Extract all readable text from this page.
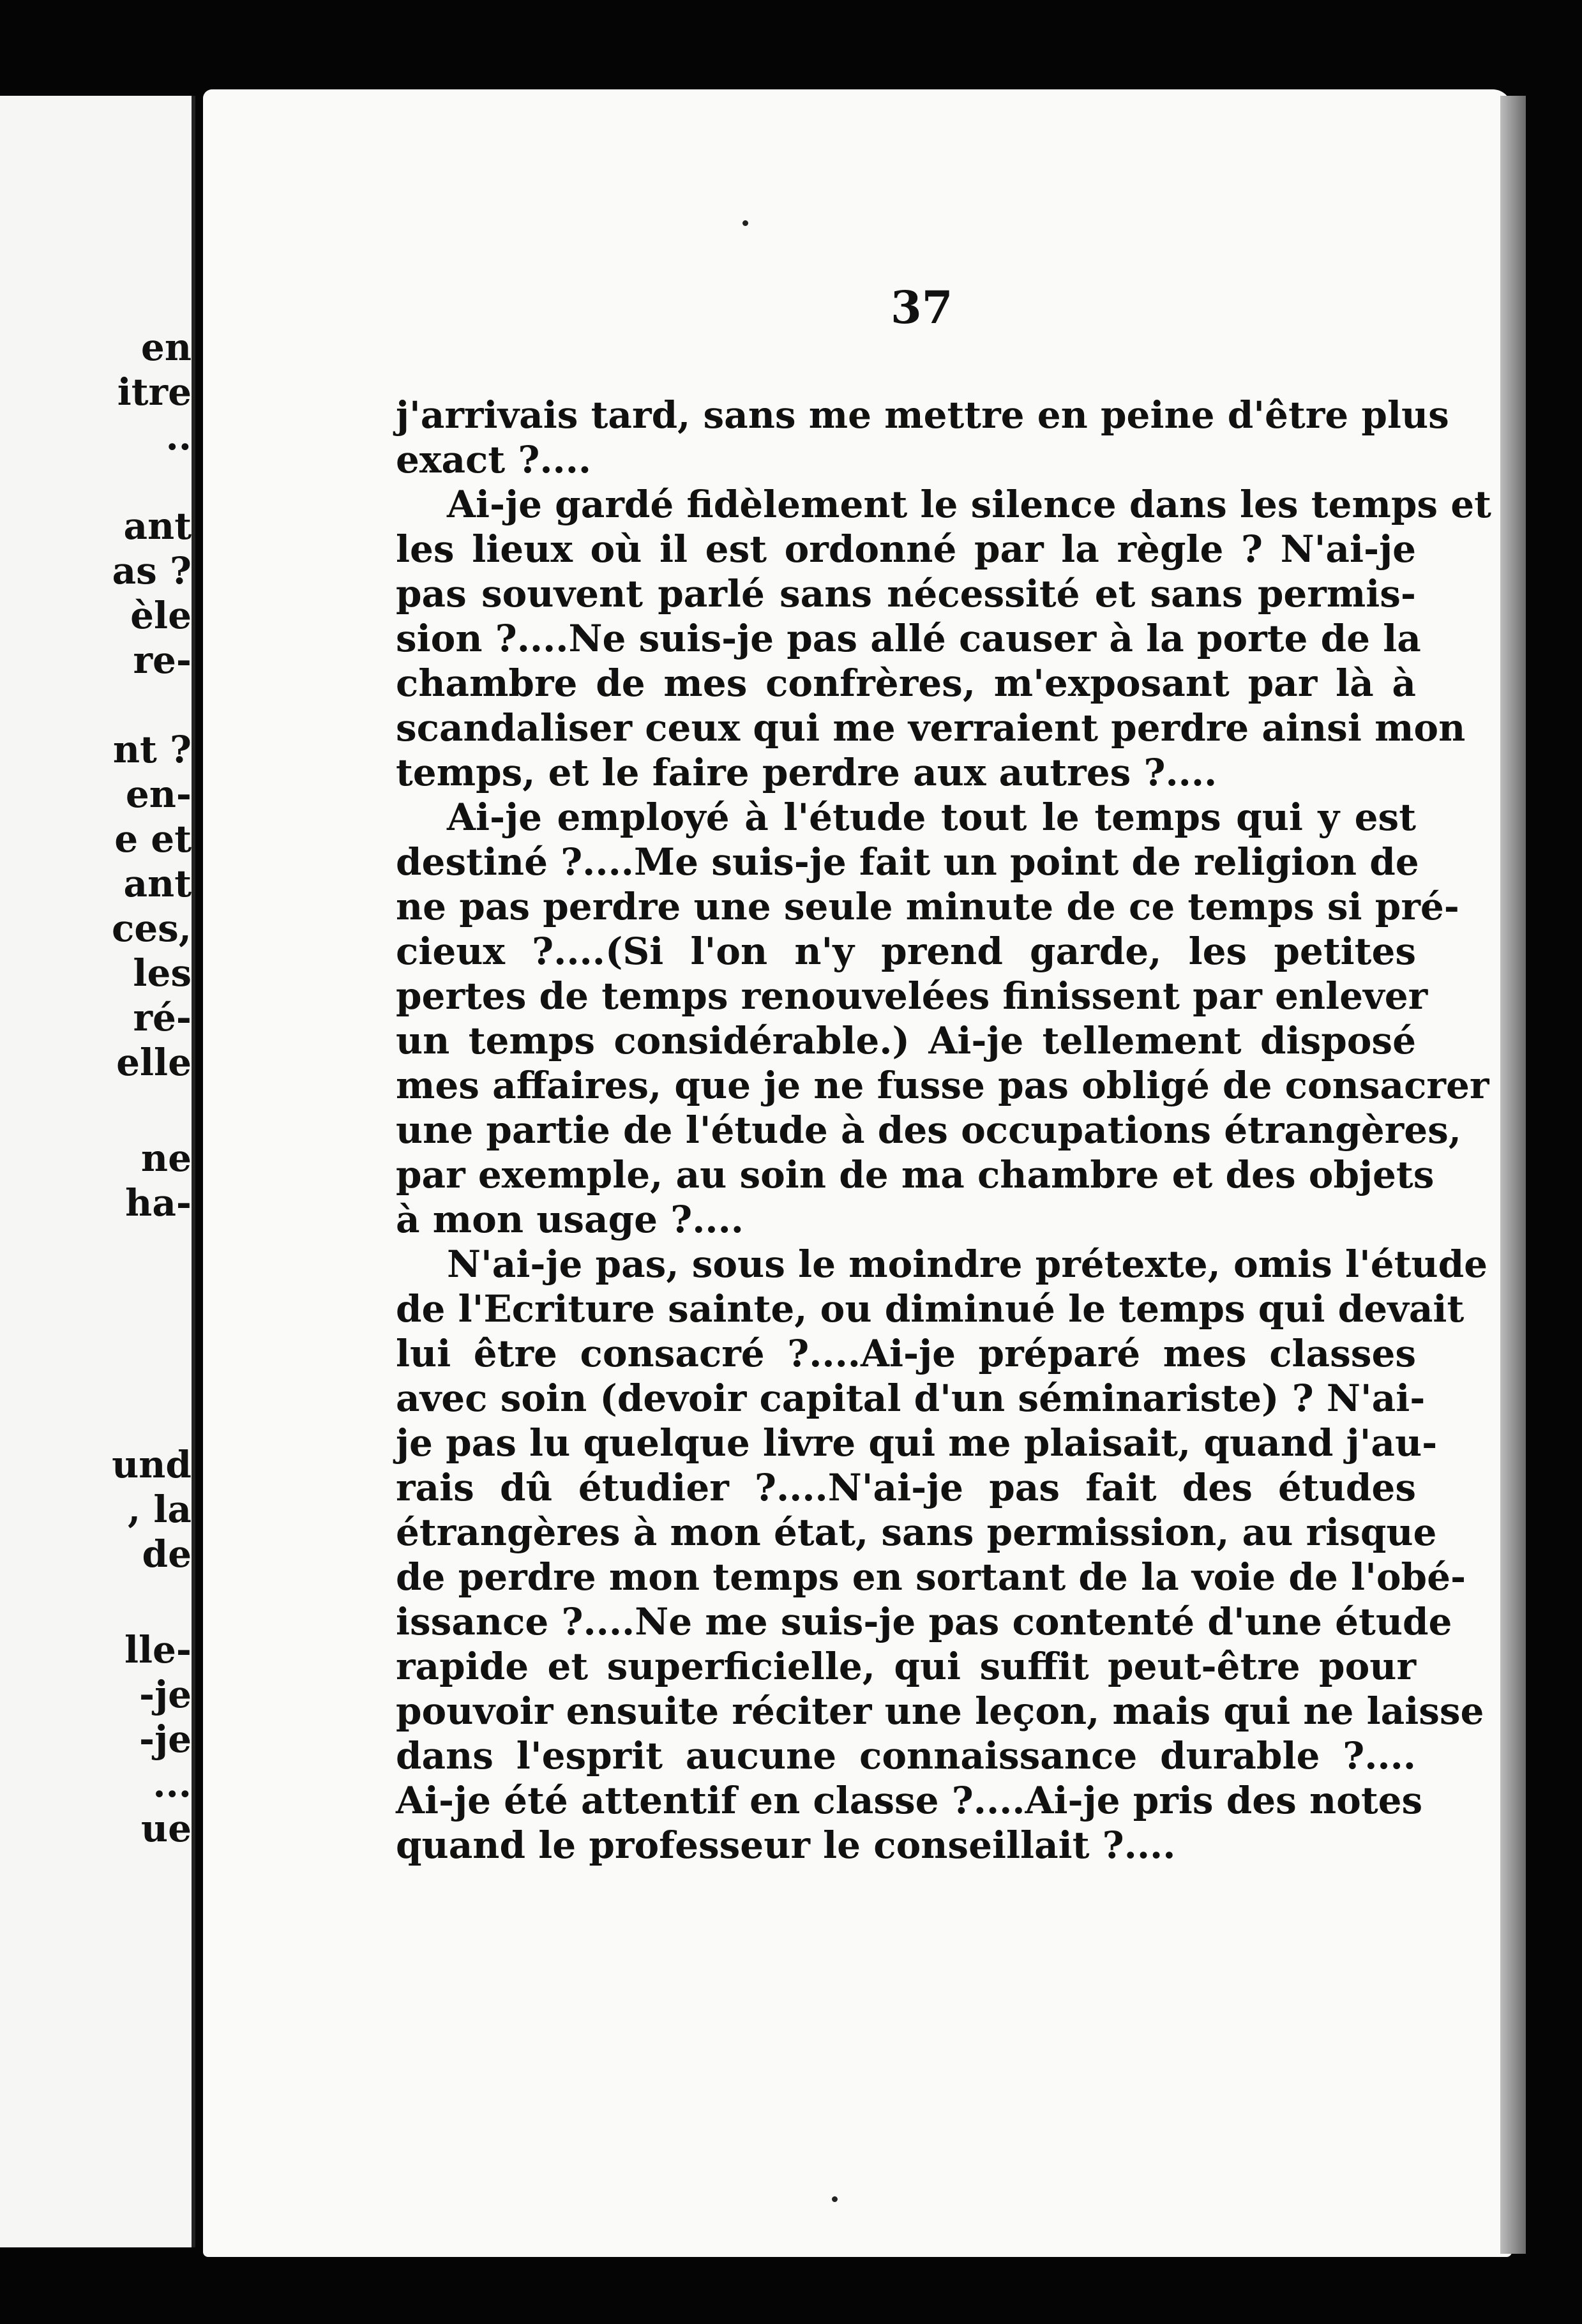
en
itre
..
ant
as ?
èle
re-
nt ?
en-
e et
ant
ces,
les
ré-
elle
ne
ha-
und
, la
de
lle-
-je
-je
...
ue
37
j'arrivais tard, sans me mettre en peine d'être plus
exact ?....
Ai-je gardé fidèlement le silence dans les temps et
les lieux où il est ordonné par la règle ? N'ai-je
pas souvent parlé sans nécessité et sans permis-
sion ?....Ne suis-je pas allé causer à la porte de la
chambre de mes confrères, m'exposant par là à
scandaliser ceux qui me verraient perdre ainsi mon
temps, et le faire perdre aux autres ?....
Ai-je employé à l'étude tout le temps qui y est
destiné ?....Me suis-je fait un point de religion de
ne pas perdre une seule minute de ce temps si pré-
cieux ?....(Si l'on n'y prend garde, les petites
pertes de temps renouvelées finissent par enlever
un temps considérable.) Ai-je tellement disposé
mes affaires, que je ne fusse pas obligé de consacrer
une partie de l'étude à des occupations étrangères,
par exemple, au soin de ma chambre et des objets
à mon usage ?....
N'ai-je pas, sous le moindre prétexte, omis l'étude
de l'Ecriture sainte, ou diminué le temps qui devait
lui être consacré ?....Ai-je préparé mes classes
avec soin (devoir capital d'un séminariste) ? N'ai-
je pas lu quelque livre qui me plaisait, quand j'au-
rais dû étudier ?....N'ai-je pas fait des études
étrangères à mon état, sans permission, au risque
de perdre mon temps en sortant de la voie de l'obé-
issance ?....Ne me suis-je pas contenté d'une étude
rapide et superficielle, qui suffit peut-être pour
pouvoir ensuite réciter une leçon, mais qui ne laisse
dans l'esprit aucune connaissance durable ?....
Ai-je été attentif en classe ?....Ai-je pris des notes
quand le professeur le conseillait ?....
